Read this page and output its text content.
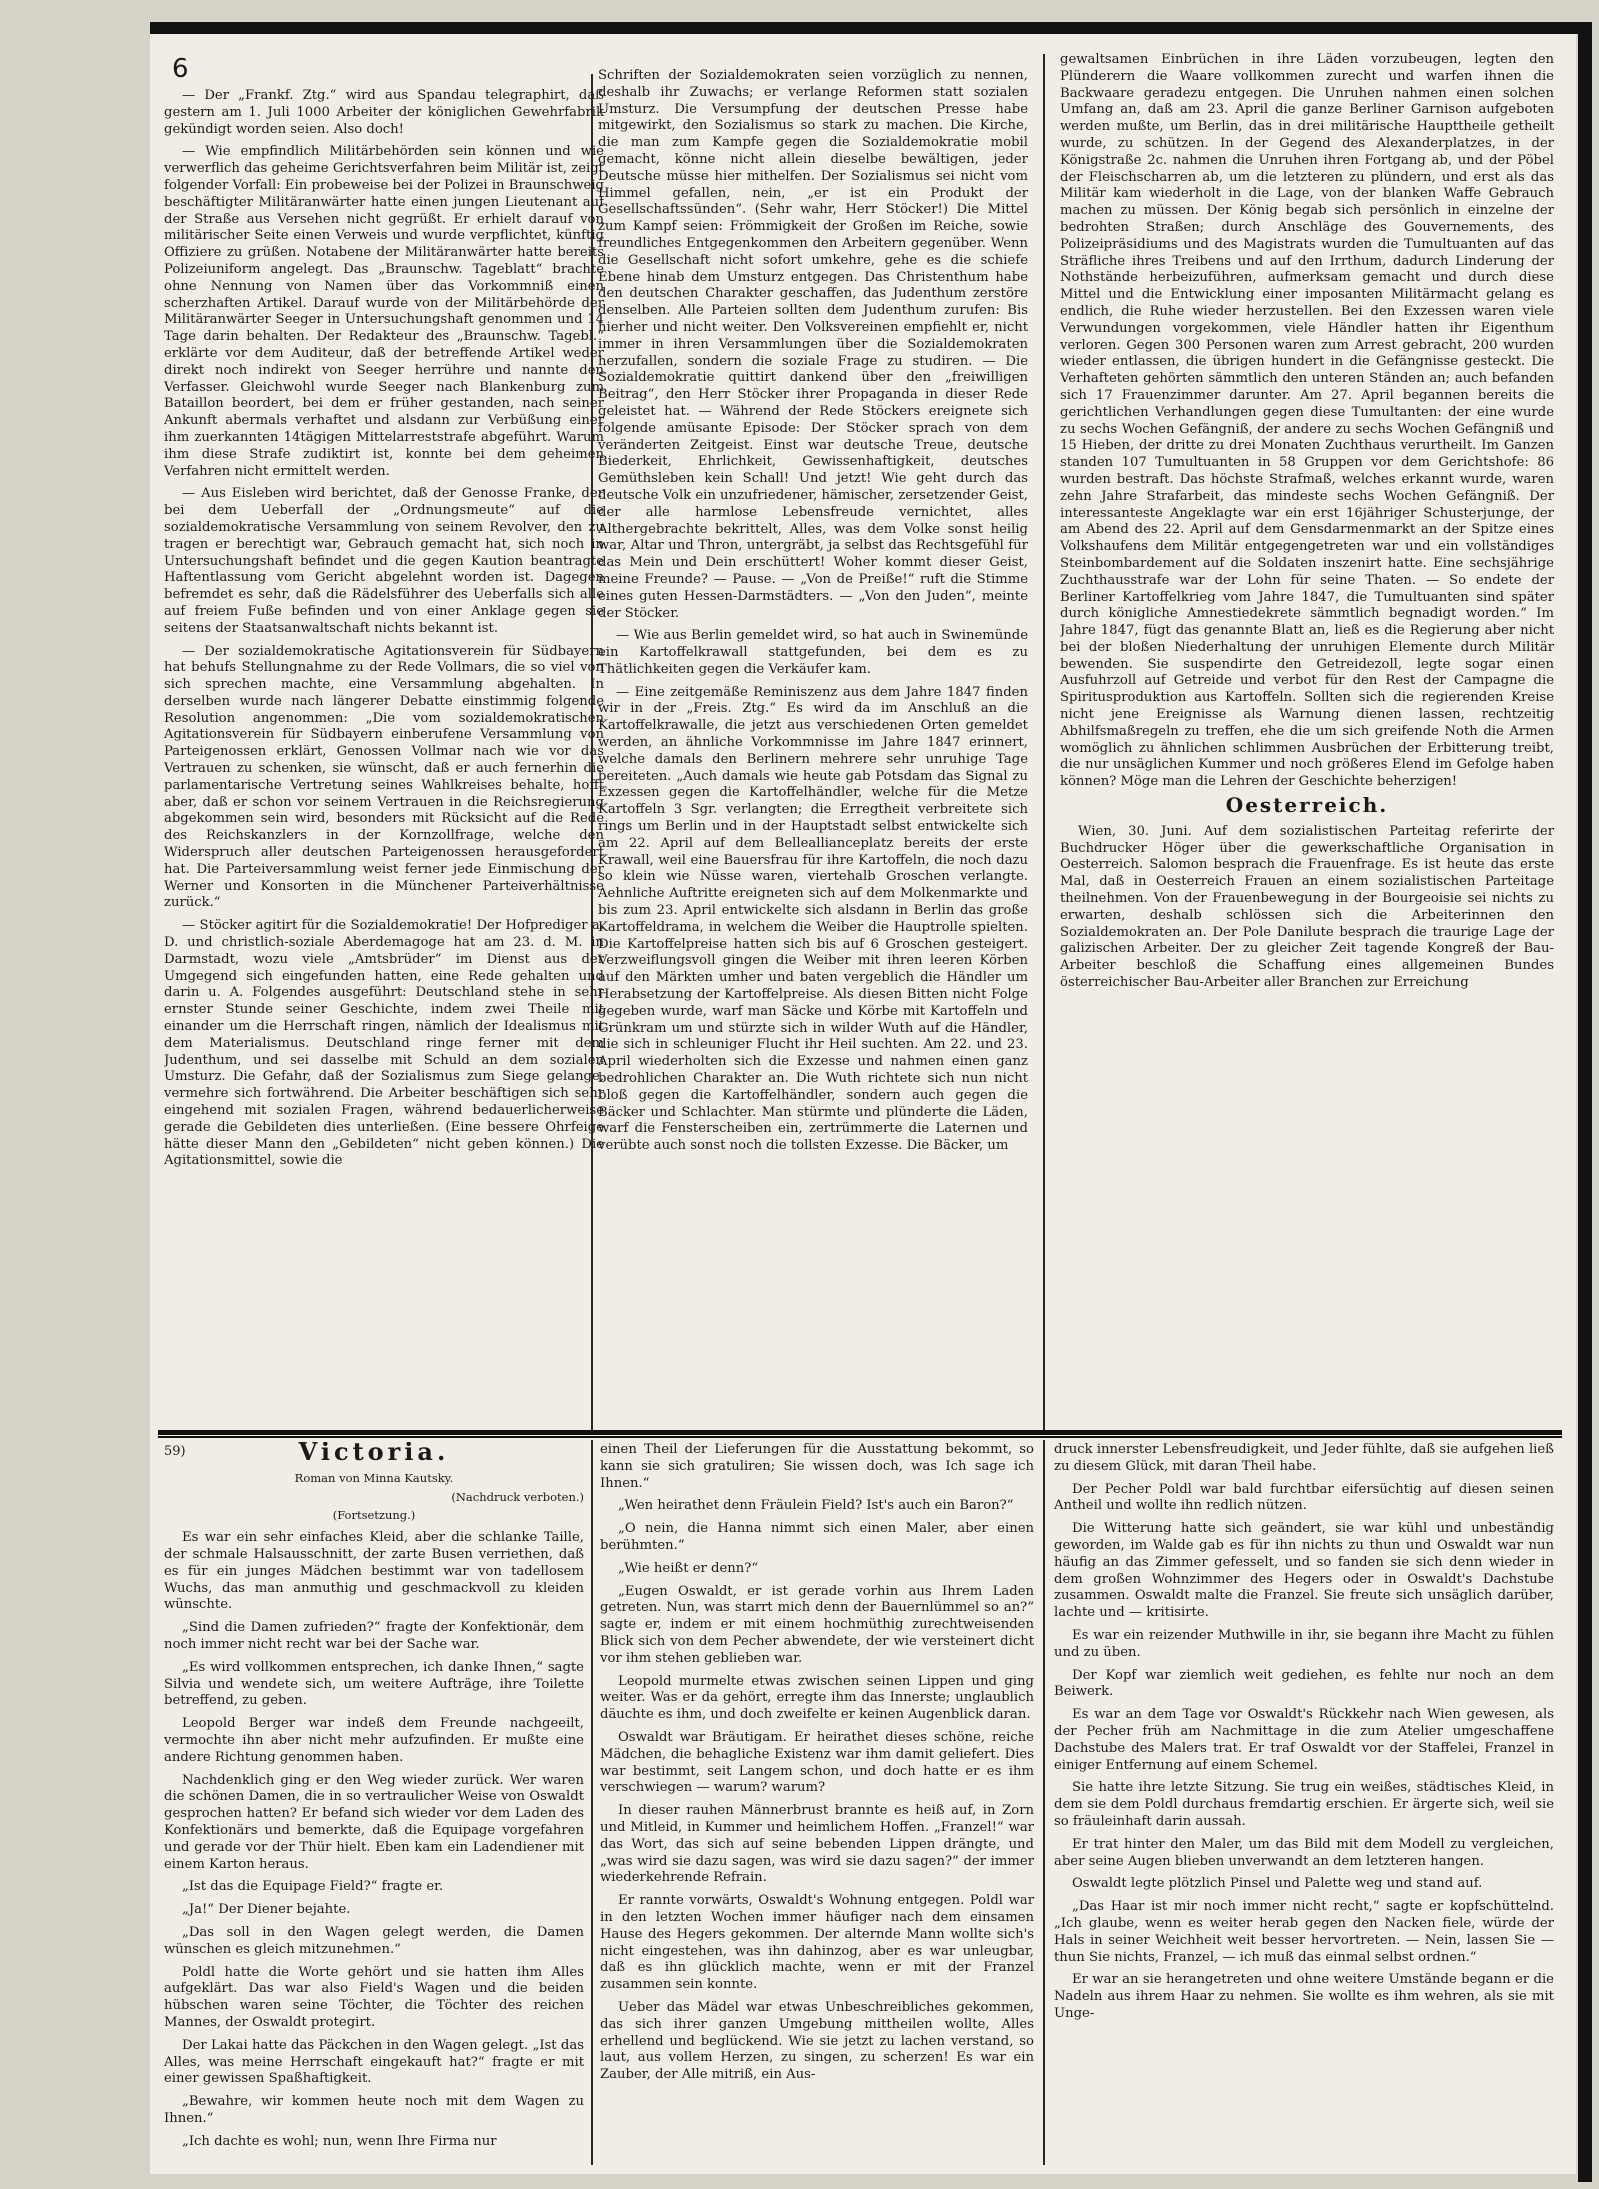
6

— Der „Frankf. Ztg.“ wird aus Spandau telegraphirt, daß gestern am 1. Juli 1000 Arbeiter der königlichen Gewehrfabrik gekündigt worden seien. Also doch!

— Wie empfindlich Militärbehörden sein können und wie verwerflich das geheime Gerichtsverfahren beim Militär ist, zeigt folgender Vorfall: Ein probeweise bei der Polizei in Braunschweig beschäftigter Militäranwärter hatte einen jungen Lieutenant auf der Straße aus Versehen nicht gegrüßt. Er erhielt darauf von militärischer Seite einen Verweis und wurde verpflichtet, künftig Offiziere zu grüßen. Notabene der Militäranwärter hatte bereits Polizeiuniform angelegt. Das „Braunschw. Tageblatt“ brachte ohne Nennung von Namen über das Vorkommniß einen scherzhaften Artikel. Darauf wurde von der Militärbehörde der Militäranwärter Seeger in Untersuchungshaft genommen und 14 Tage darin behalten. Der Redakteur des „Braunschw. Tagebl.“ erklärte vor dem Auditeur, daß der betreffende Artikel weder direkt noch indirekt von Seeger herrühre und nannte den Verfasser. Gleichwohl wurde Seeger nach Blankenburg zum Bataillon beordert, bei dem er früher gestanden, nach seiner Ankunft abermals verhaftet und alsdann zur Verbüßung einer ihm zuerkannten 14tägigen Mittelarreststrafe abgeführt. Warum ihm diese Strafe zudiktirt ist, konnte bei dem geheimen Verfahren nicht ermittelt werden.

— Aus Eisleben wird berichtet, daß der Genosse Franke, der bei dem Ueberfall der „Ordnungsmeute“ auf die sozialdemokratische Versammlung von seinem Revolver, den zu tragen er berechtigt war, Gebrauch gemacht hat, sich noch in Untersuchungshaft befindet und die gegen Kaution beantragte Haftentlassung vom Gericht abgelehnt worden ist. Dagegen befremdet es sehr, daß die Rädelsführer des Ueberfalls sich alle auf freiem Fuße befinden und von einer Anklage gegen sie seitens der Staatsanwaltschaft nichts bekannt ist.

— Der sozialdemokratische Agitationsverein für Südbayern hat behufs Stellungnahme zu der Rede Vollmars, die so viel von sich sprechen machte, eine Versammlung abgehalten. In derselben wurde nach längerer Debatte einstimmig folgende Resolution angenommen: „Die vom sozialdemokratischen Agitationsverein für Südbayern einberufene Versammlung von Parteigenossen erklärt, Genossen Vollmar nach wie vor das Vertrauen zu schenken, sie wünscht, daß er auch fernerhin die parlamentarische Vertretung seines Wahlkreises behalte, hofft aber, daß er schon vor seinem Vertrauen in die Reichsregierung abgekommen sein wird, besonders mit Rücksicht auf die Rede des Reichskanzlers in der Kornzollfrage, welche den Widerspruch aller deutschen Parteigenossen herausgefordert hat. Die Parteiversammlung weist ferner jede Einmischung der Werner und Konsorten in die Münchener Parteiverhältnisse zurück.“

— Stöcker agitirt für die Sozialdemokratie! Der Hofprediger a. D. und christlich-soziale Aberdemagoge hat am 23. d. M. in Darmstadt, wozu viele „Amtsbrüder“ im Dienst aus der Umgegend sich eingefunden hatten, eine Rede gehalten und darin u. A. Folgendes ausgeführt: Deutschland stehe in sehr ernster Stunde seiner Geschichte, indem zwei Theile mit einander um die Herrschaft ringen, nämlich der Idealismus mit dem Materialismus. Deutschland ringe ferner mit dem Judenthum, und sei dasselbe mit Schuld an dem sozialen Umsturz. Die Gefahr, daß der Sozialismus zum Siege gelange, vermehre sich fortwährend. Die Arbeiter beschäftigen sich sehr eingehend mit sozialen Fragen, während bedauerlicherweise gerade die Gebildeten dies unterließen. (Eine bessere Ohrfeige hätte dieser Mann den „Gebildeten“ nicht geben können.) Die Agitationsmittel, sowie die

Schriften der Sozialdemokraten seien vorzüglich zu nennen, deshalb ihr Zuwachs; er verlange Reformen statt sozialen Umsturz. Die Versumpfung der deutschen Presse habe mitgewirkt, den Sozialismus so stark zu machen. Die Kirche, die man zum Kampfe gegen die Sozialdemokratie mobil gemacht, könne nicht allein dieselbe bewältigen, jeder Deutsche müsse hier mithelfen. Der Sozialismus sei nicht vom Himmel gefallen, nein, „er ist ein Produkt der Gesellschaftssünden“. (Sehr wahr, Herr Stöcker!) Die Mittel zum Kampf seien: Frömmigkeit der Großen im Reiche, sowie freundliches Entgegenkommen den Arbeitern gegenüber. Wenn die Gesellschaft nicht sofort umkehre, gehe es die schiefe Ebene hinab dem Umsturz entgegen. Das Christenthum habe den deutschen Charakter geschaffen, das Judenthum zerstöre denselben. Alle Parteien sollten dem Judenthum zurufen: Bis hierher und nicht weiter. Den Volksvereinen empfiehlt er, nicht immer in ihren Versammlungen über die Sozialdemokraten herzufallen, sondern die soziale Frage zu studiren. — Die Sozialdemokratie quittirt dankend über den „freiwilligen Beitrag“, den Herr Stöcker ihrer Propaganda in dieser Rede geleistet hat. — Während der Rede Stöckers ereignete sich folgende amüsante Episode: Der Stöcker sprach von dem veränderten Zeitgeist. Einst war deutsche Treue, deutsche Biederkeit, Ehrlichkeit, Gewissenhaftigkeit, deutsches Gemüthsleben kein Schall! Und jetzt! Wie geht durch das deutsche Volk ein unzufriedener, hämischer, zersetzender Geist, der alle harmlose Lebensfreude vernichtet, alles Althergebrachte bekrittelt, Alles, was dem Volke sonst heilig war, Altar und Thron, untergräbt, ja selbst das Rechtsgefühl für das Mein und Dein erschüttert! Woher kommt dieser Geist, meine Freunde? — Pause. — „Von de Preiße!“ ruft die Stimme eines guten Hessen-Darmstädters. — „Von den Juden“, meinte der Stöcker.

— Wie aus Berlin gemeldet wird, so hat auch in Swinemünde ein Kartoffelkrawall stattgefunden, bei dem es zu Thätlichkeiten gegen die Verkäufer kam.

— Eine zeitgemäße Reminiszenz aus dem Jahre 1847 finden wir in der „Freis. Ztg.“ Es wird da im Anschluß an die Kartoffelkrawalle, die jetzt aus verschiedenen Orten gemeldet werden, an ähnliche Vorkommnisse im Jahre 1847 erinnert, welche damals den Berlinern mehrere sehr unruhige Tage bereiteten. „Auch damals wie heute gab Potsdam das Signal zu Exzessen gegen die Kartoffelhändler, welche für die Metze Kartoffeln 3 Sgr. verlangten; die Erregtheit verbreitete sich rings um Berlin und in der Hauptstadt selbst entwickelte sich am 22. April auf dem Belleallianceplatz bereits der erste Krawall, weil eine Bauersfrau für ihre Kartoffeln, die noch dazu so klein wie Nüsse waren, viertehalb Groschen verlangte. Aehnliche Auftritte ereigneten sich auf dem Molkenmarkte und bis zum 23. April entwickelte sich alsdann in Berlin das große Kartoffeldrama, in welchem die Weiber die Hauptrolle spielten. Die Kartoffelpreise hatten sich bis auf 6 Groschen gesteigert. Verzweiflungsvoll gingen die Weiber mit ihren leeren Körben auf den Märkten umher und baten vergeblich die Händler um Herabsetzung der Kartoffelpreise. Als diesen Bitten nicht Folge gegeben wurde, warf man Säcke und Körbe mit Kartoffeln und Grünkram um und stürzte sich in wilder Wuth auf die Händler, die sich in schleuniger Flucht ihr Heil suchten. Am 22. und 23. April wiederholten sich die Exzesse und nahmen einen ganz bedrohlichen Charakter an. Die Wuth richtete sich nun nicht bloß gegen die Kartoffelhändler, sondern auch gegen die Bäcker und Schlachter. Man stürmte und plünderte die Läden, warf die Fensterscheiben ein, zertrümmerte die Laternen und verübte auch sonst noch die tollsten Exzesse. Die Bäcker, um

gewaltsamen Einbrüchen in ihre Läden vorzubeugen, legten den Plünderern die Waare vollkommen zurecht und warfen ihnen die Backwaare geradezu entgegen. Die Unruhen nahmen einen solchen Umfang an, daß am 23. April die ganze Berliner Garnison aufgeboten werden mußte, um Berlin, das in drei militärische Haupttheile getheilt wurde, zu schützen. In der Gegend des Alexanderplatzes, in der Königstraße 2c. nahmen die Unruhen ihren Fortgang ab, und der Pöbel der Fleischscharren ab, um die letzteren zu plündern, und erst als das Militär kam wiederholt in die Lage, von der blanken Waffe Gebrauch machen zu müssen. Der König begab sich persönlich in einzelne der bedrohten Straßen; durch Anschläge des Gouvernements, des Polizeipräsidiums und des Magistrats wurden die Tumultuanten auf das Sträfliche ihres Treibens und auf den Irrthum, dadurch Linderung der Nothstände herbeizuführen, aufmerksam gemacht und durch diese Mittel und die Entwicklung einer imposanten Militärmacht gelang es endlich, die Ruhe wieder herzustellen. Bei den Exzessen waren viele Verwundungen vorgekommen, viele Händler hatten ihr Eigenthum verloren. Gegen 300 Personen waren zum Arrest gebracht, 200 wurden wieder entlassen, die übrigen hundert in die Gefängnisse gesteckt. Die Verhafteten gehörten sämmtlich den unteren Ständen an; auch befanden sich 17 Frauenzimmer darunter. Am 27. April begannen bereits die gerichtlichen Verhandlungen gegen diese Tumultanten: der eine wurde zu sechs Wochen Gefängniß, der andere zu sechs Wochen Gefängniß und 15 Hieben, der dritte zu drei Monaten Zuchthaus verurtheilt. Im Ganzen standen 107 Tumultuanten in 58 Gruppen vor dem Gerichtshofe: 86 wurden bestraft. Das höchste Strafmaß, welches erkannt wurde, waren zehn Jahre Strafarbeit, das mindeste sechs Wochen Gefängniß. Der interessanteste Angeklagte war ein erst 16jähriger Schusterjunge, der am Abend des 22. April auf dem Gensdarmenmarkt an der Spitze eines Volkshaufens dem Militär entgegengetreten war und ein vollständiges Steinbombardement auf die Soldaten inszenirt hatte. Eine sechsjährige Zuchthausstrafe war der Lohn für seine Thaten. — So endete der Berliner Kartoffelkrieg vom Jahre 1847, die Tumultuanten sind später durch königliche Amnestiedekrete sämmtlich begnadigt worden.“ Im Jahre 1847, fügt das genannte Blatt an, ließ es die Regierung aber nicht bei der bloßen Niederhaltung der unruhigen Elemente durch Militär bewenden. Sie suspendirte den Getreidezoll, legte sogar einen Ausfuhrzoll auf Getreide und verbot für den Rest der Campagne die Spiritusproduktion aus Kartoffeln. Sollten sich die regierenden Kreise nicht jene Ereignisse als Warnung dienen lassen, rechtzeitig Abhilfsmaßregeln zu treffen, ehe die um sich greifende Noth die Armen womöglich zu ähnlichen schlimmen Ausbrüchen der Erbitterung treibt, die nur unsäglichen Kummer und noch größeres Elend im Gefolge haben können? Möge man die Lehren der Geschichte beherzigen!

Oesterreich.

Wien, 30. Juni. Auf dem sozialistischen Parteitag referirte der Buchdrucker Höger über die gewerkschaftliche Organisation in Oesterreich. Salomon besprach die Frauenfrage. Es ist heute das erste Mal, daß in Oesterreich Frauen an einem sozialistischen Parteitage theilnehmen. Von der Frauenbewegung in der Bourgeoisie sei nichts zu erwarten, deshalb schlössen sich die Arbeiterinnen den Sozialdemokraten an. Der Pole Danilute besprach die traurige Lage der galizischen Arbeiter. Der zu gleicher Zeit tagende Kongreß der Bau-Arbeiter beschloß die Schaffung eines allgemeinen Bundes österreichischer Bau-Arbeiter aller Branchen zur Erreichung

59)	Victoria.
Roman von Minna Kautsky.
(Nachdruck verboten.)
(Fortsetzung.)

Es war ein sehr einfaches Kleid, aber die schlanke Taille, der schmale Halsausschnitt, der zarte Busen verriethen, daß es für ein junges Mädchen bestimmt war von tadellosem Wuchs, das man anmuthig und geschmackvoll zu kleiden wünschte.

„Sind die Damen zufrieden?“ fragte der Konfektionär, dem noch immer nicht recht war bei der Sache war.

„Es wird vollkommen entsprechen, ich danke Ihnen,“ sagte Silvia und wendete sich, um weitere Aufträge, ihre Toilette betreffend, zu geben.

Leopold Berger war indeß dem Freunde nachgeeilt, vermochte ihn aber nicht mehr aufzufinden. Er mußte eine andere Richtung genommen haben.

Nachdenklich ging er den Weg wieder zurück. Wer waren die schönen Damen, die in so vertraulicher Weise von Oswaldt gesprochen hatten? Er befand sich wieder vor dem Laden des Konfektionärs und bemerkte, daß die Equipage vorgefahren und gerade vor der Thür hielt. Eben kam ein Ladendiener mit einem Karton heraus.

„Ist das die Equipage Field?“ fragte er.

„Ja!“ Der Diener bejahte.

„Das soll in den Wagen gelegt werden, die Damen wünschen es gleich mitzunehmen.“

Poldl hatte die Worte gehört und sie hatten ihm Alles aufgeklärt. Das war also Field's Wagen und die beiden hübschen waren seine Töchter, die Töchter des reichen Mannes, der Oswaldt protegirt.

Der Lakai hatte das Päckchen in den Wagen gelegt. „Ist das Alles, was meine Herrschaft eingekauft hat?“ fragte er mit einer gewissen Spaßhaftigkeit.

„Bewahre, wir kommen heute noch mit dem Wagen zu Ihnen.“

„Ich dachte es wohl; nun, wenn Ihre Firma nur

einen Theil der Lieferungen für die Ausstattung bekommt, so kann sie sich gratuliren; Sie wissen doch, was Ich sage ich Ihnen.“

„Wen heirathet denn Fräulein Field? Ist's auch ein Baron?“

„O nein, die Hanna nimmt sich einen Maler, aber einen berühmten.“

„Wie heißt er denn?“

„Eugen Oswaldt, er ist gerade vorhin aus Ihrem Laden getreten. Nun, was starrt mich denn der Bauernlümmel so an?“ sagte er, indem er mit einem hochmüthig zurechtweisenden Blick sich von dem Pecher abwendete, der wie versteinert dicht vor ihm stehen geblieben war.

Leopold murmelte etwas zwischen seinen Lippen und ging weiter. Was er da gehört, erregte ihm das Innerste; unglaublich däuchte es ihm, und doch zweifelte er keinen Augenblick daran.

Oswaldt war Bräutigam. Er heirathet dieses schöne, reiche Mädchen, die behagliche Existenz war ihm damit geliefert. Dies war bestimmt, seit Langem schon, und doch hatte er es ihm verschwiegen — warum? warum?

In dieser rauhen Männerbrust brannte es heiß auf, in Zorn und Mitleid, in Kummer und heimlichem Hoffen. „Franzel!“ war das Wort, das sich auf seine bebenden Lippen drängte, und „was wird sie dazu sagen, was wird sie dazu sagen?“ der immer wiederkehrende Refrain.

Er rannte vorwärts, Oswaldt's Wohnung entgegen. Poldl war in den letzten Wochen immer häufiger nach dem einsamen Hause des Hegers gekommen. Der alternde Mann wollte sich's nicht eingestehen, was ihn dahinzog, aber es war unleugbar, daß es ihn glücklich machte, wenn er mit der Franzel zusammen sein konnte.

Ueber das Mädel war etwas Unbeschreibliches gekommen, das sich ihrer ganzen Umgebung mittheilen wollte, Alles erhellend und beglückend. Wie sie jetzt zu lachen verstand, so laut, aus vollem Herzen, zu singen, zu scherzen! Es war ein Zauber, der Alle mitriß, ein Aus-

druck innerster Lebensfreudigkeit, und Jeder fühlte, daß sie aufgehen ließ zu diesem Glück, mit daran Theil habe.

Der Pecher Poldl war bald furchtbar eifersüchtig auf diesen seinen Antheil und wollte ihn redlich nützen.

Die Witterung hatte sich geändert, sie war kühl und unbeständig geworden, im Walde gab es für ihn nichts zu thun und Oswaldt war nun häufig an das Zimmer gefesselt, und so fanden sie sich denn wieder in dem großen Wohnzimmer des Hegers oder in Oswaldt's Dachstube zusammen. Oswaldt malte die Franzel. Sie freute sich unsäglich darüber, lachte und — kritisirte.

Es war ein reizender Muthwille in ihr, sie begann ihre Macht zu fühlen und zu üben.

Der Kopf war ziemlich weit gediehen, es fehlte nur noch an dem Beiwerk.

Es war an dem Tage vor Oswaldt's Rückkehr nach Wien gewesen, als der Pecher früh am Nachmittage in die zum Atelier umgeschaffene Dachstube des Malers trat. Er traf Oswaldt vor der Staffelei, Franzel in einiger Entfernung auf einem Schemel.

Sie hatte ihre letzte Sitzung. Sie trug ein weißes, städtisches Kleid, in dem sie dem Poldl durchaus fremdartig erschien. Er ärgerte sich, weil sie so fräuleinhaft darin aussah.

Er trat hinter den Maler, um das Bild mit dem Modell zu vergleichen, aber seine Augen blieben unverwandt an dem letzteren hangen.

Oswaldt legte plötzlich Pinsel und Palette weg und stand auf.

„Das Haar ist mir noch immer nicht recht,“ sagte er kopfschüttelnd. „Ich glaube, wenn es weiter herab gegen den Nacken fiele, würde der Hals in seiner Weichheit weit besser hervortreten. — Nein, lassen Sie — thun Sie nichts, Franzel, — ich muß das einmal selbst ordnen.“

Er war an sie herangetreten und ohne weitere Umstände begann er die Nadeln aus ihrem Haar zu nehmen. Sie wollte es ihm wehren, als sie mit Unge-
